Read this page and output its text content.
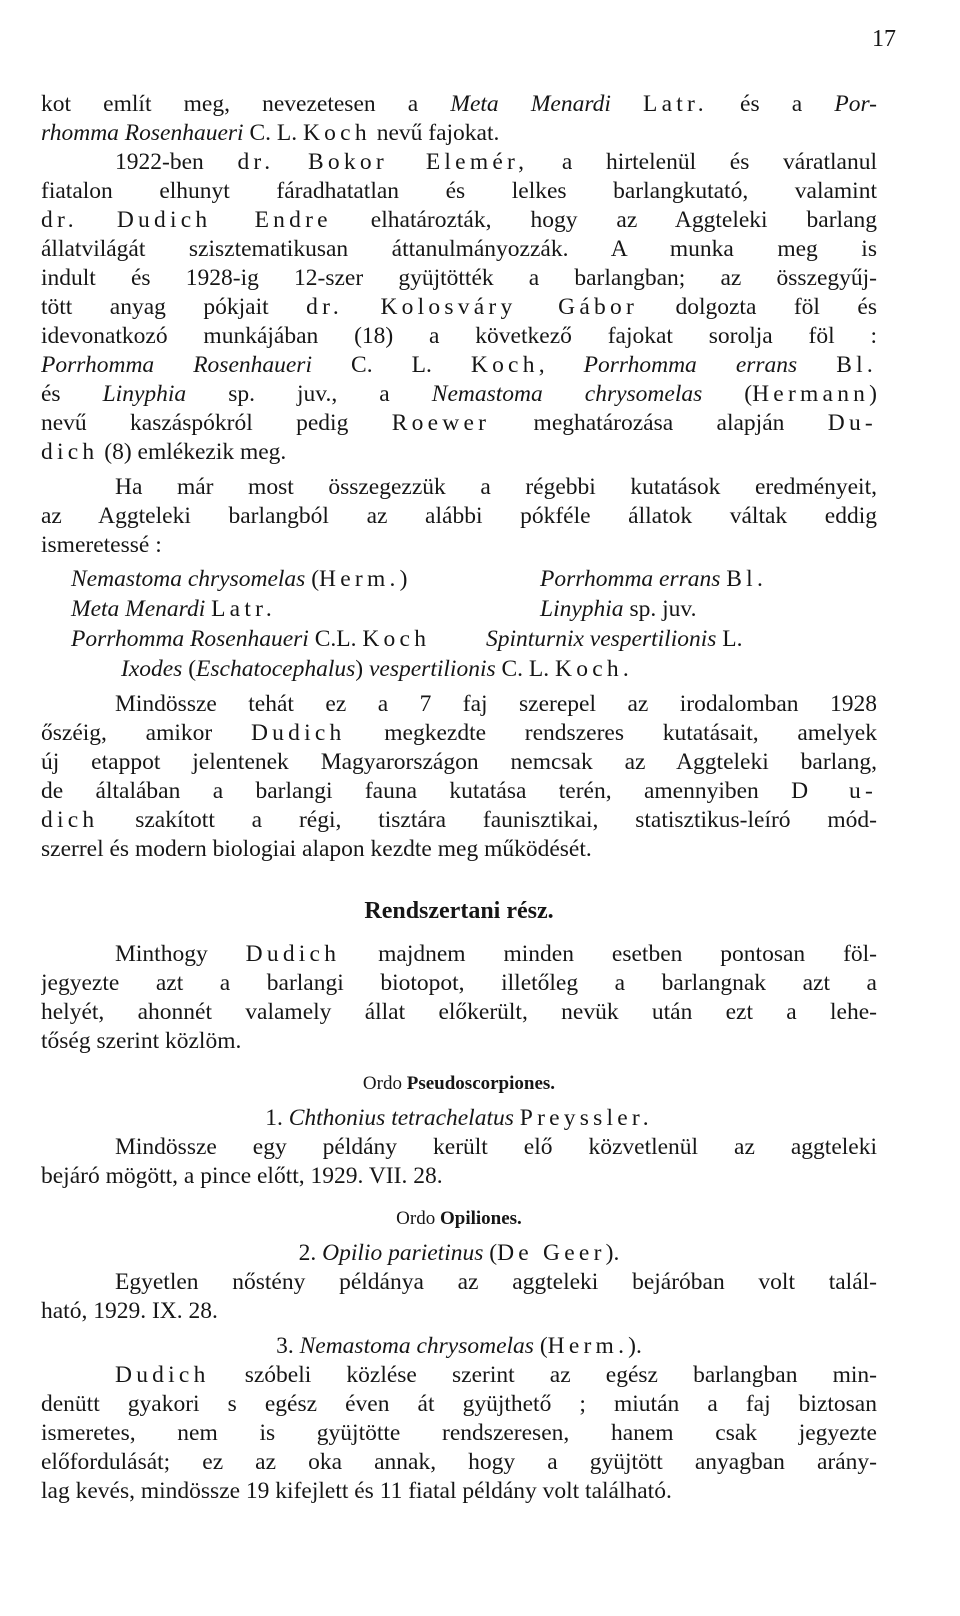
17
kot említ meg, nevezetesen a Meta Menardi Latr. és a Por-
rhomma Rosenhaueri C. L. Koch nevű fajokat.
1922-ben dr. Bokor Elemér, a hirtelenül és váratlanul
fiatalon elhunyt fáradhatatlan és lelkes barlangkutató, valamint
dr. Dudich Endre elhatározták, hogy az Aggteleki barlang
állatvilágát szisztematikusan áttanulmányozzák. A munka meg is
indult és 1928-ig 12-szer gyüjtötték a barlangban; az összegyűj-
tött anyag pókjait dr. Kolosváry Gábor dolgozta föl és
idevonatkozó munkájában (18) a következő fajokat sorolja föl :
Porrhomma Rosenhaueri C. L. Koch, Porrhomma errans Bl.
és Linyphia sp. juv., a Nemastoma chrysomelas (Hermann)
nevű kaszáspókról pedig Roewer meghatározása alapján Du-
dich (8) emlékezik meg.
Ha már most összegezzük a régebbi kutatások eredményeit,
az Aggteleki barlangból az alábbi pókféle állatok váltak eddig
ismeretessé :
Nemastoma chrysomelas (Herm.)	Porrhomma errans Bl.
Meta Menardi Latr.	Linyphia sp. juv.
Porrhomma Rosenhaueri C.L. Koch Spinturnix vespertilionis L.
Ixodes (Eschatocephalus) vespertilionis C. L. Koch.
Mindössze tehát ez a 7 faj szerepel az irodalomban 1928
őszéig, amikor Dudich megkezdte rendszeres kutatásait, amelyek
új etappot jelentenek Magyarországon nemcsak az Aggteleki barlang,
de általában a barlangi fauna kutatása terén, amennyiben D u-
dich szakított a régi, tisztára faunisztikai, statisztikus-leíró mód-
szerrel és modern biologiai alapon kezdte meg működését.
Rendszertani rész.
Minthogy Dudich majdnem minden esetben pontosan föl-
jegyezte azt a barlangi biotopot, illetőleg a barlangnak azt a
helyét, ahonnét valamely állat előkerült, nevük után ezt a lehe-
tőség szerint közlöm.
Ordo Pseudoscorpiones.
1. Chthonius tetrachelatus Preyssler.
Mindössze egy példány került elő közvetlenül az aggteleki
bejáró mögött, a pince előtt, 1929. VII. 28.
Ordo Opiliones.
2. Opilio parietinus (De Geer).
Egyetlen nőstény példánya az aggteleki bejáróban volt talál-
ható, 1929. IX. 28.
3. Nemastoma chrysomelas (Herm.).
Dudich szóbeli közlése szerint az egész barlangban min-
denütt gyakori s egész éven át gyüjthető ; miután a faj biztosan
ismeretes, nem is gyüjtötte rendszeresen, hanem csak jegyezte
előfordulását; ez az oka annak, hogy a gyüjtött anyagban arány-
lag kevés, mindössze 19 kifejlett és 11 fiatal példány volt található.
